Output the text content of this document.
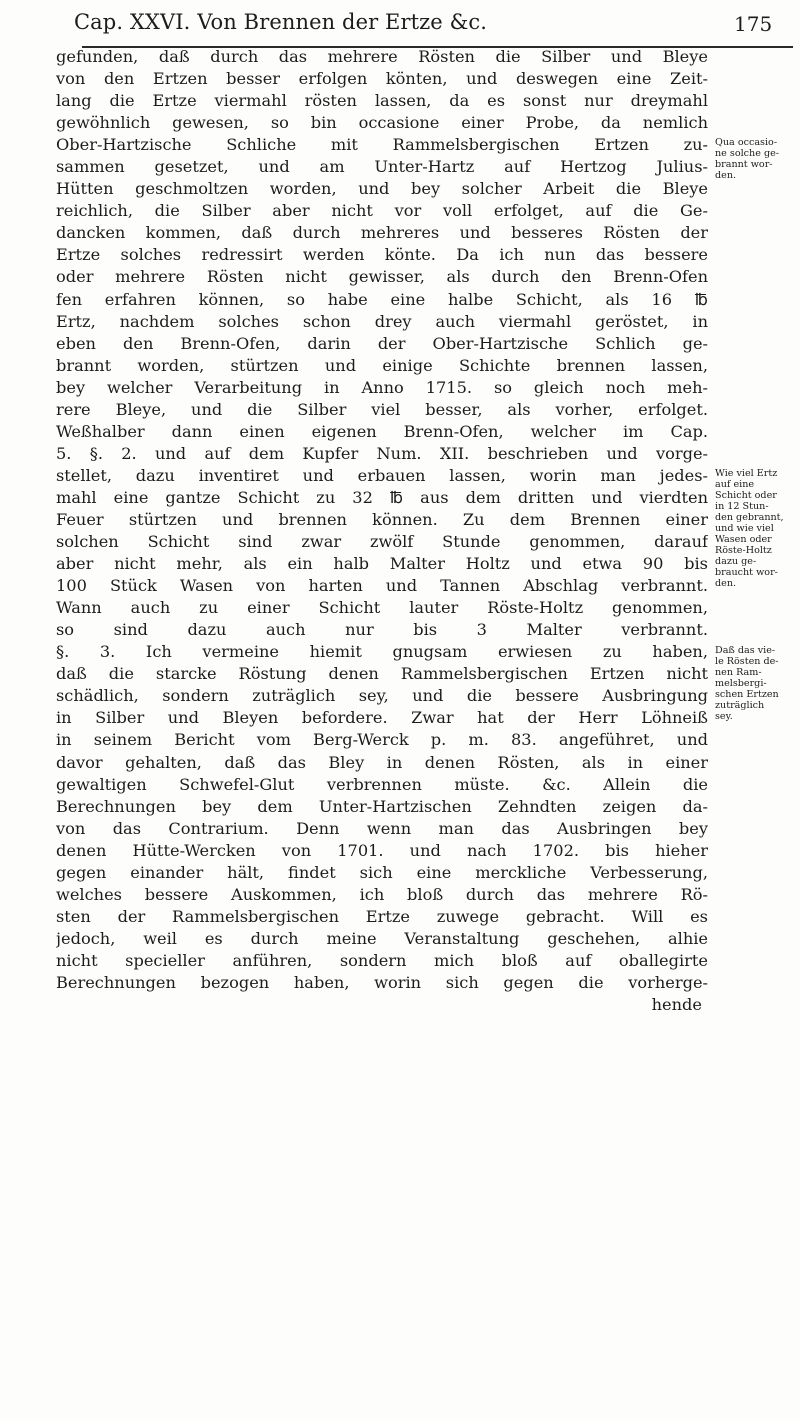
Cap. XXVI. Von Brennen der Ertze &c.	175
gefunden, daß durch das mehrere Rösten die Silber und Bleye
von den Ertzen besser erfolgen könten, und deswegen eine Zeit-
lang die Ertze viermahl rösten lassen, da es sonst nur dreymahl
gewöhnlich gewesen, so bin occasione einer Probe, da nemlich
Ober-Hartzische Schliche mit Rammelsbergischen Ertzen zu-
sammen gesetzet, und am Unter-Hartz auf Hertzog Julius-
Hütten geschmoltzen worden, und bey solcher Arbeit die Bleye
reichlich, die Silber aber nicht vor voll erfolget, auf die Ge-
dancken kommen, daß durch mehreres und besseres Rösten der
Ertze solches redressirt werden könte. Da ich nun das bessere
oder mehrere Rösten nicht gewisser, als durch den Brenn-Ofen
fen erfahren können, so habe eine halbe Schicht, als 16 ℔
Ertz, nachdem solches schon drey auch viermahl geröstet, in
eben den Brenn-Ofen, darin der Ober-Hartzische Schlich ge-
brannt worden, stürtzen und einige Schichte brennen lassen,
bey welcher Verarbeitung in Anno 1715. so gleich noch meh-
rere Bleye, und die Silber viel besser, als vorher, erfolget.
Weßhalber dann einen eigenen Brenn-Ofen, welcher im Cap.
5. §. 2. und auf dem Kupfer Num. XII. beschrieben und vorge-
stellet, dazu inventiret und erbauen lassen, worin man jedes-
mahl eine gantze Schicht zu 32 ℔ aus dem dritten und vierdten
Feuer stürtzen und brennen können. Zu dem Brennen einer
solchen Schicht sind zwar zwölf Stunde genommen, darauf
aber nicht mehr, als ein halb Malter Holtz und etwa 90 bis
100 Stück Wasen von harten und Tannen Abschlag verbrannt.
Wann auch zu einer Schicht lauter Röste-Holtz genommen,
so sind dazu auch nur bis 3 Malter verbrannt.
§. 3. Ich vermeine hiemit gnugsam erwiesen zu haben,
daß die starcke Röstung denen Rammelsbergischen Ertzen nicht
schädlich, sondern zuträglich sey, und die bessere Ausbringung
in Silber und Bleyen befordere. Zwar hat der Herr Löhneiß
in seinem Bericht vom Berg-Werck p. m. 83. angeführet, und
davor gehalten, daß das Bley in denen Rösten, als in einer
gewaltigen Schwefel-Glut verbrennen müste. &c. Allein die
Berechnungen bey dem Unter-Hartzischen Zehndten zeigen da-
von das Contrarium. Denn wenn man das Ausbringen bey
denen Hütte-Wercken von 1701. und nach 1702. bis hieher
gegen einander hält, findet sich eine merckliche Verbesserung,
welches bessere Auskommen, ich bloß durch das mehrere Rö-
sten der Rammelsbergischen Ertze zuwege gebracht. Will es
jedoch, weil es durch meine Veranstaltung geschehen, alhie
nicht specieller anführen, sondern mich bloß auf oballegirte
Berechnungen bezogen haben, worin sich gegen die vorherge-
hende
Qua occasio-
ne solche ge-
brannt wor-
den.
Wie viel Ertz
auf eine
Schicht oder
in 12 Stun-
den gebrannt,
und wie viel
Wasen oder
Röste-Holtz
dazu ge-
braucht wor-
den.
Daß das vie-
le Rösten de-
nen Ram-
melsbergi-
schen Ertzen
zuträglich
sey.
